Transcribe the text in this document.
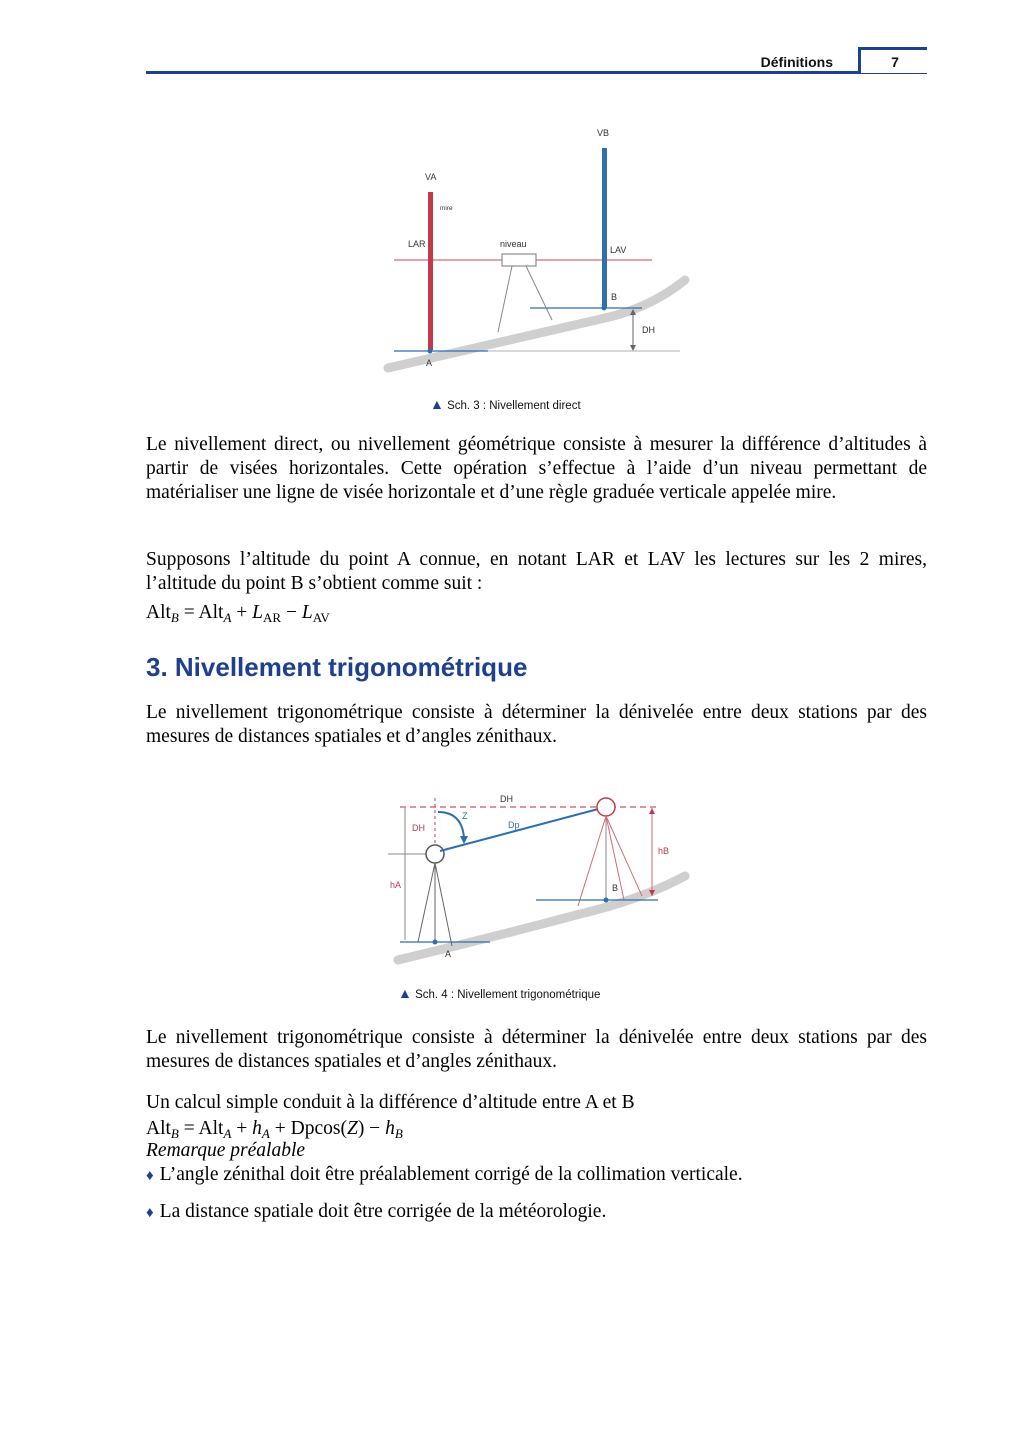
Définitions	7
VA
mire
VB
LAR	niveau
LAV
B
DH
A
▲ Sch. 3 : Nivellement direct
Le nivellement direct, ou nivellement géométrique consiste à mesurer la différence d’altitudes à partir de visées horizontales. Cette opération s’effectue à l’aide d’un niveau permettant de matérialiser une ligne de visée horizontale et d’une règle graduée verticale appelée mire.
Supposons l’altitude du point A connue, en notant LAR et LAV les lectures sur les 2 mires, l’altitude du point B s’obtient comme suit :
$Alt_B = Alt_A + L_{AR} - L_{AV}$
3. Nivellement trigonométrique
Le nivellement trigonométrique consiste à déterminer la dénivelée entre deux stations par des mesures de distances spatiales et d’angles zénithaux.
DH
Z
Dp
DH
hA
hB
B
A
▲ Sch. 4 : Nivellement trigonométrique
Le nivellement trigonométrique consiste à déterminer la dénivelée entre deux stations par des mesures de distances spatiales et d’angles zénithaux.
Un calcul simple conduit à la différence d’altitude entre A et B
$Alt_B = Alt_A + h_A + Dpcos(Z) - h_B$
Remarque préalable
♦ L’angle zénithal doit être préalablement corrigé de la collimation verticale.
♦ La distance spatiale doit être corrigée de la météorologie.
